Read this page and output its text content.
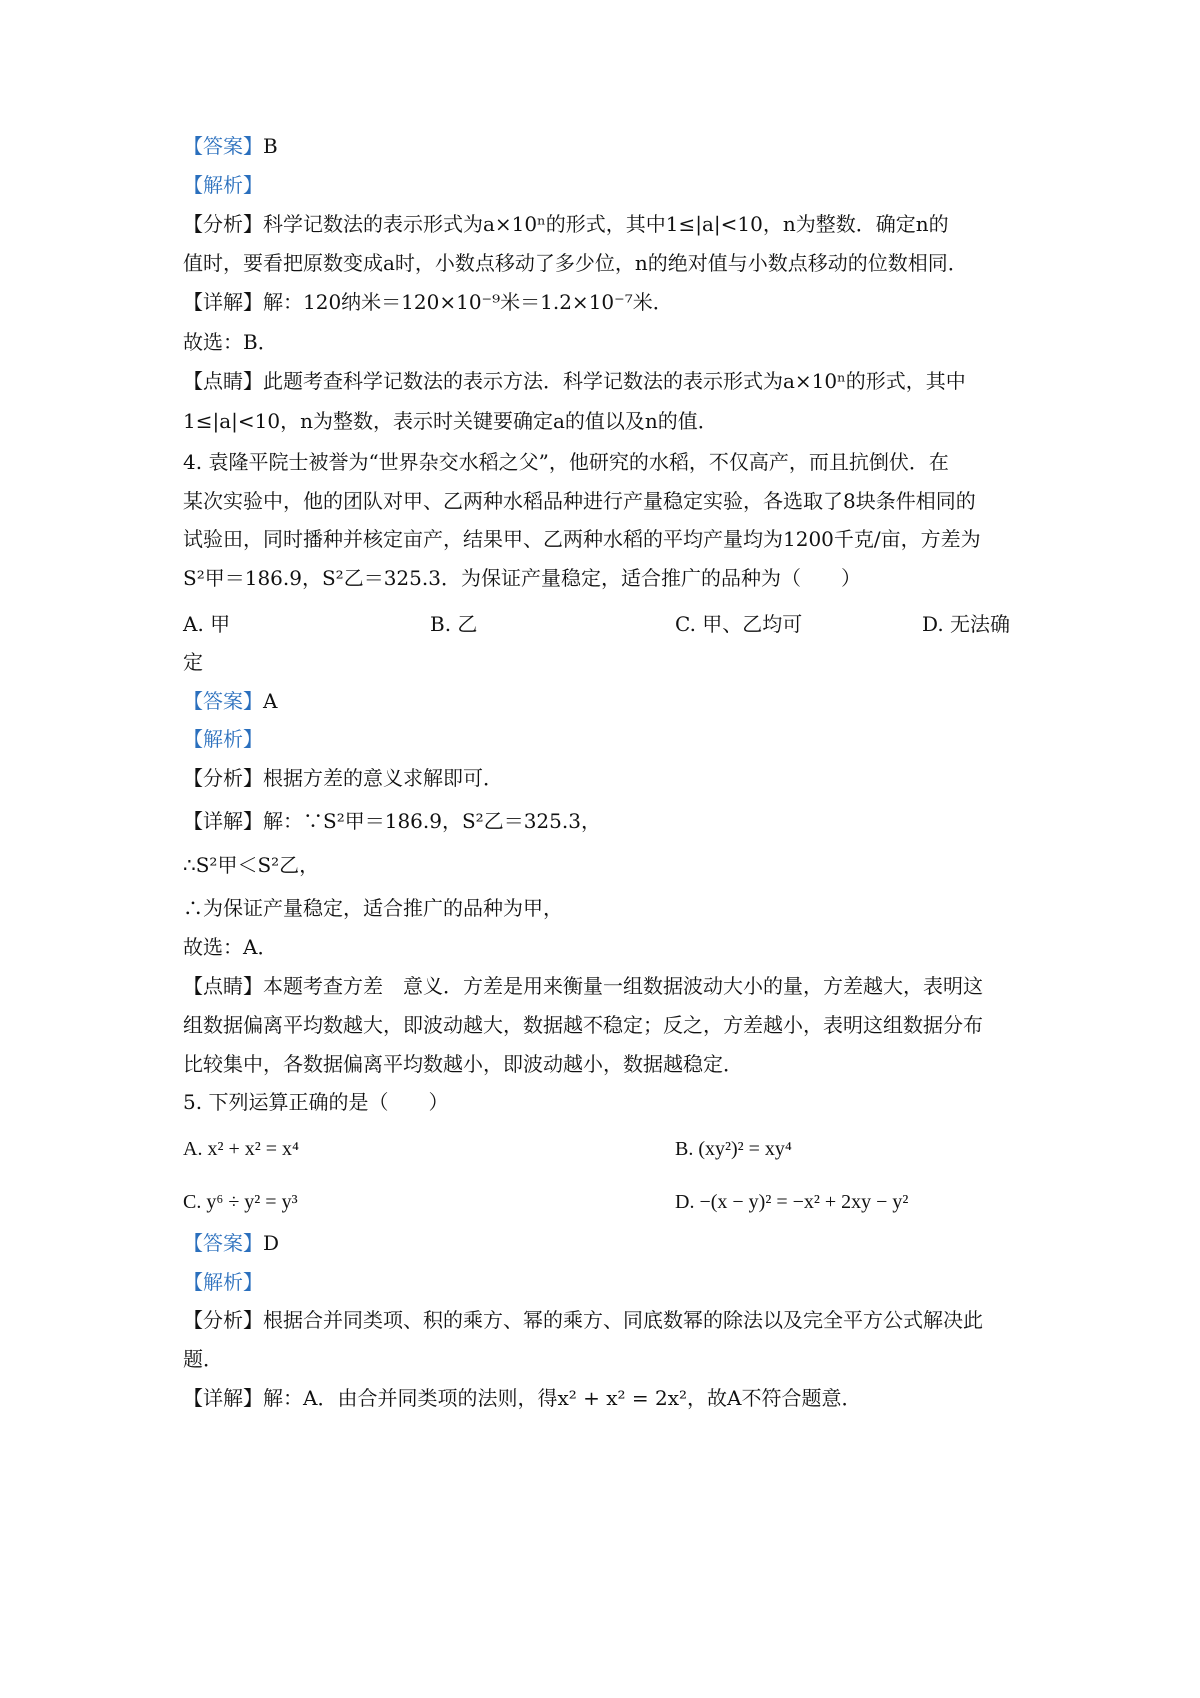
【答案】B
【解析】
【分析】科学记数法的表示形式为a×10ⁿ的形式，其中1≤|a|<10，n为整数．确定n的
值时，要看把原数变成a时，小数点移动了多少位，n的绝对值与小数点移动的位数相同．
【详解】解：120纳米＝120×10⁻⁹米＝1.2×10⁻⁷米．
故选：B．
【点睛】此题考查科学记数法的表示方法．科学记数法的表示形式为a×10ⁿ的形式，其中
1≤|a|<10，n为整数，表示时关键要确定a的值以及n的值．
4. 袁隆平院士被誉为“世界杂交水稻之父”，他研究的水稻，不仅高产，而且抗倒伏．在
某次实验中，他的团队对甲、乙两种水稻品种进行产量稳定实验，各选取了8块条件相同的
试验田，同时播种并核定亩产，结果甲、乙两种水稻的平均产量均为1200千克/亩，方差为
S²甲＝186.9，S²乙＝325.3．为保证产量稳定，适合推广的品种为（　　）
A. 甲	B. 乙	C. 甲、乙均可	D. 无法确
定
【答案】A
【解析】
【分析】根据方差的意义求解即可．
【详解】解：∵S²甲＝186.9，S²乙＝325.3，
∴S²甲＜S²乙，
∴为保证产量稳定，适合推广的品种为甲，
故选：A．
【点睛】本题考查方差　意义．方差是用来衡量一组数据波动大小的量，方差越大，表明这
组数据偏离平均数越大，即波动越大，数据越不稳定；反之，方差越小，表明这组数据分布
比较集中，各数据偏离平均数越小，即波动越小，数据越稳定．
5. 下列运算正确的是（　　）
A. x² + x² = x⁴	B. (xy²)² = xy⁴
C. y⁶ ÷ y² = y³	D. −(x − y)² = −x² + 2xy − y²
【答案】D
【解析】
【分析】根据合并同类项、积的乘方、幂的乘方、同底数幂的除法以及完全平方公式解决此
题．
【详解】解：A．由合并同类项的法则，得x² + x² = 2x²，故A不符合题意．
